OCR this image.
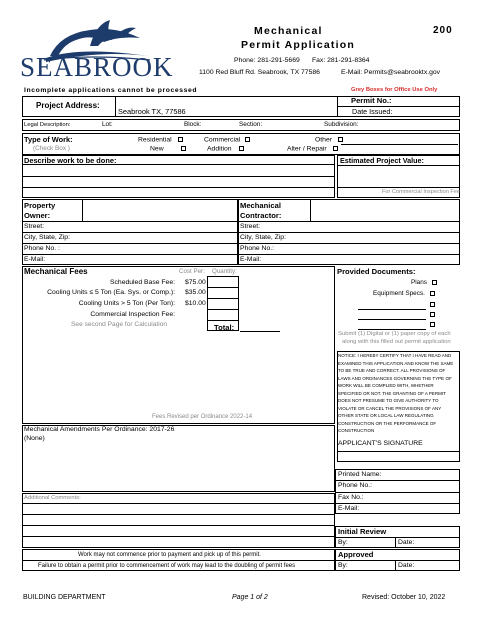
SEABROOK
200
Mechanical
Permit Application
Phone: 281-291-5669 Fax: 281-291-8364
1100 Red Bluff Rd. Seabrook, TX 77586	E-Mail: Permits@seabrooktx.gov
Incomplete applications cannot be processed	Grey Boxes for Office Use Only
Project Address:
Seabrook TX, 77586
Permit No.:
Date Issued:
Legal Description:	Lot:	Block:	Section:	Subdivision:
Type of Work:
(Check Box )
Residential
New
Commercial
Addition
Other
Alter / Repair
:
Describe work to be done:	Estimated Project Value:
For Commercial Inspection Fee
Property
Owner:
Street:
City, State, Zip:
Phone No. :
E-Mail:
Mechanical
Contractor:
Street:
City, State, Zip:
Phone No.:
E-Mail:
Mechanical Fees	Cost Per: Quantity:
Scheduled Base Fee: $75.00
Cooling Units ≤ 5 Ton (Ea. Sys. or Comp.): $35.00
Cooling Units > 5 Ton (Per Ton): $10.00
Commercial Inspection Fee:
See second Page for Calculation	Total:
Fees Revised per Ordinance 2022-14
Provided Documents:
Plans
Equipment Specs.
Submit (1) Digital or (1) paper copy of each
along with this filled out permit application
NOTICE: I HEREBY CERTIFY THAT I HAVE READ AND
EXAMINED THIS APPLICATION AND KNOW THE SAME
TO BE TRUE AND CORRECT. ALL PROVISIONS OF
LAWS AND ORDINANCES GOVERNING THE TYPE OF
WORK WILL BE COMPLIED WITH, WHETHER
SPECIFIED OR NOT. THE GRANTING OF A PERMIT
DOES NOT PRESUME TO GIVE AUTHORITY TO
VIOLATE OR CANCEL THE PROVISIONS OF ANY
OTHER STATE OR LOCAL LAW REGULATING
CONSTRUCTION OR THE PERFORMANCE OF
CONSTRUCTION
APPLICANT'S SIGNATURE
Printed Name:
Phone No.:
Fax No.:
E-Mail:
Mechanical Amendments Per Ordinance: 2017-26
(None)
Additional Comments:
Work may not commence prior to payment and pick up of this permit.
Failure to obtain a permit prior to commencement of work may lead to the doubling of permit fees
Initial Review
By:	Date:
Approved
By:	Date:
BUILDING DEPARTMENT	Page 1 of 2	Revised: October 10, 2022
